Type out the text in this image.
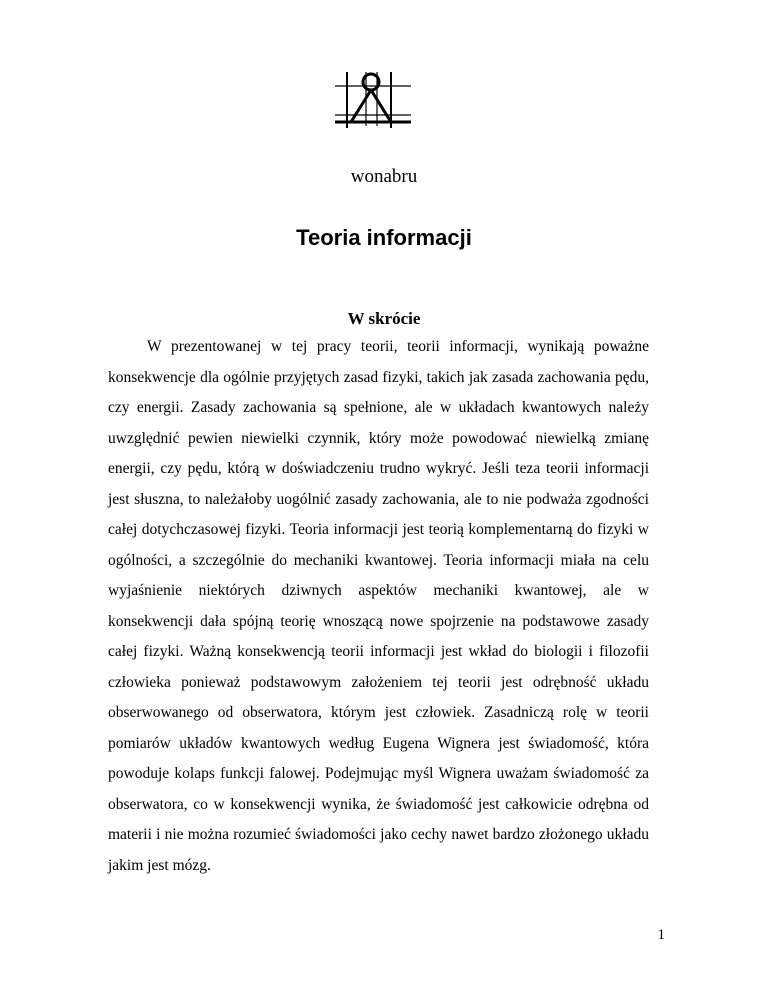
wonabru
Teoria informacji
W skrócie

W prezentowanej w tej pracy teorii, teorii informacji, wynikają poważne konsekwencje dla ogólnie przyjętych zasad fizyki, takich jak zasada zachowania pędu, czy energii. Zasady zachowania są spełnione, ale w układach kwantowych należy uwzględnić pewien niewielki czynnik, który może powodować niewielką zmianę energii, czy pędu, którą w doświadczeniu trudno wykryć. Jeśli teza teorii informacji jest słuszna, to należałoby uogólnić zasady zachowania, ale to nie podważa zgodności całej dotychczasowej fizyki. Teoria informacji jest teorią komplementarną do fizyki w ogólności, a szczególnie do mechaniki kwantowej. Teoria informacji miała na celu wyjaśnienie niektórych dziwnych aspektów mechaniki kwantowej, ale w konsekwencji dała spójną teorię wnoszącą nowe spojrzenie na podstawowe zasady całej fizyki. Ważną konsekwencją teorii informacji jest wkład do biologii i filozofii człowieka ponieważ podstawowym założeniem tej teorii jest odrębność układu obserwowanego od obserwatora, którym jest człowiek. Zasadniczą rolę w teorii pomiarów układów kwantowych według Eugena Wignera jest świadomość, która powoduje kolaps funkcji falowej. Podejmując myśl Wignera uważam świadomość za obserwatora, co w konsekwencji wynika, że świadomość jest całkowicie odrębna od materii i nie można rozumieć świadomości jako cechy nawet bardzo złożonego układu jakim jest mózg.

1
